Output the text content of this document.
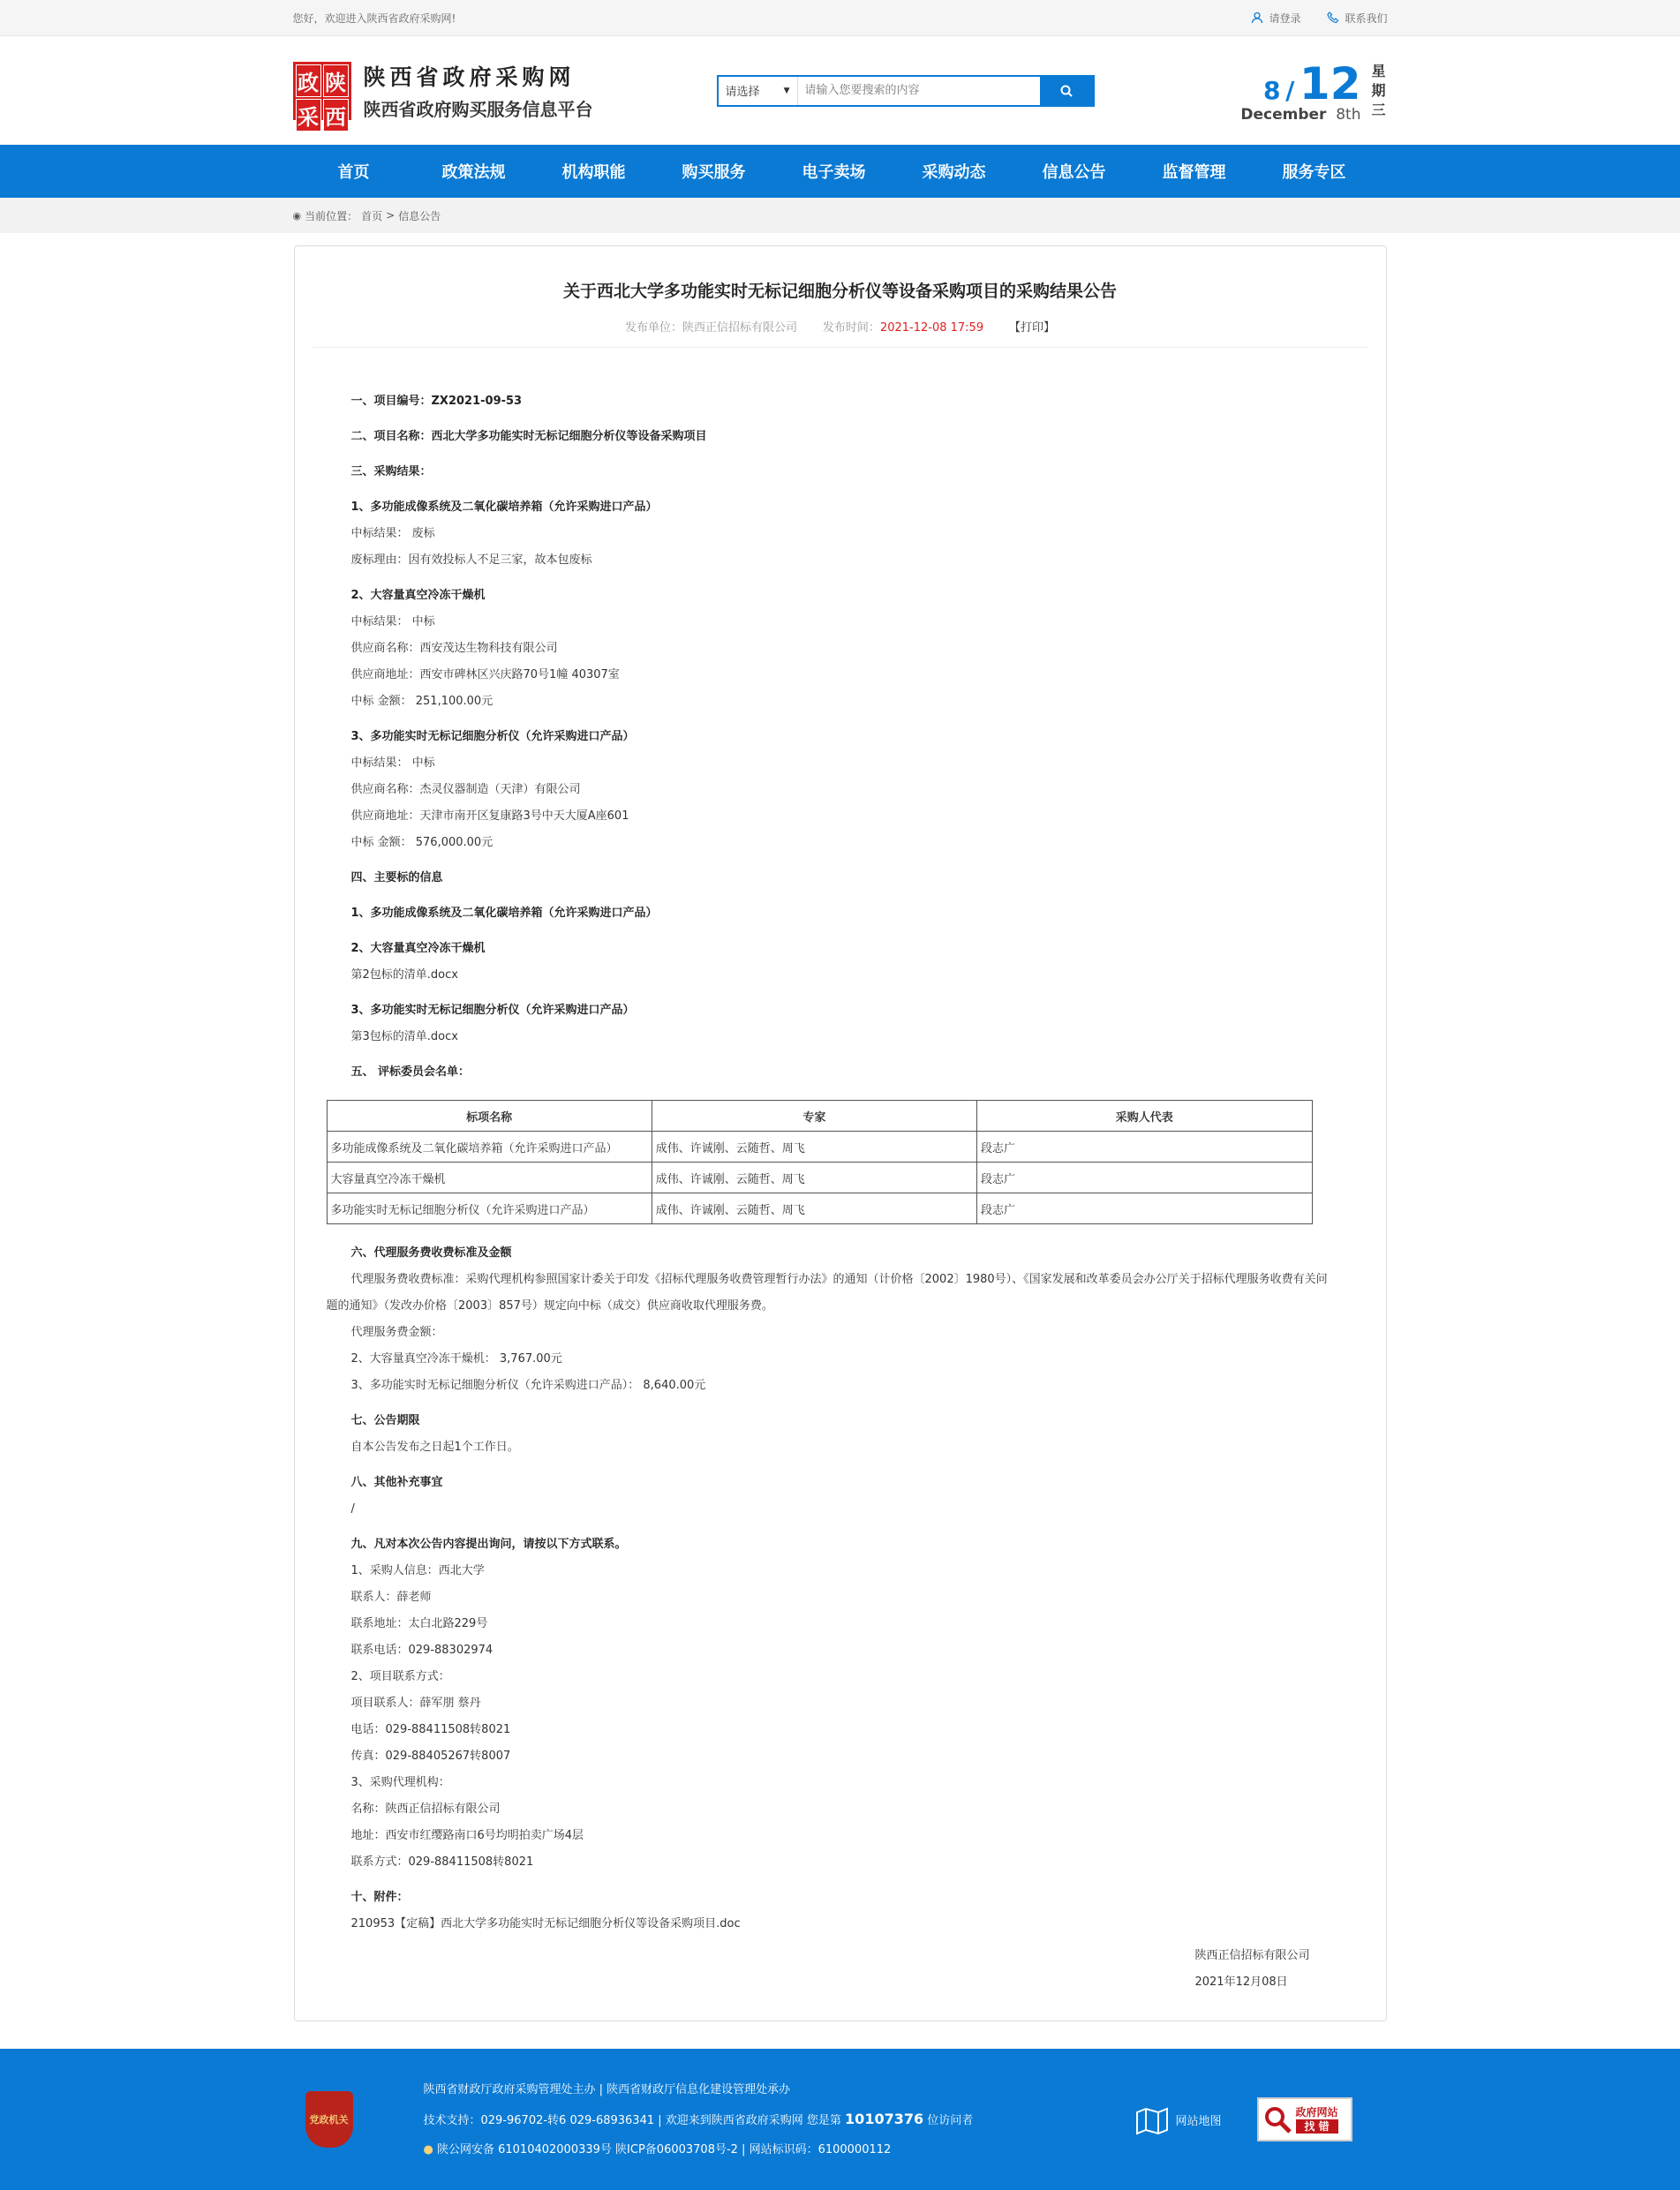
您好，欢迎进入陕西省政府采购网!	请登录	联系我们
政 陕
采 西
陕西省政府采购网
陕西省政府购买服务信息平台
请选择	▼
请输入您要搜索的内容	8 / 12
December 8th
星
期
三
首页	政策法规	机构职能	购买服务	电子卖场	采购动态	信息公告	监督管理	服务专区
◉ 当前位置： 首页 > 信息公告
关于西北大学多功能实时无标记细胞分析仪等设备采购项目的采购结果公告
发布单位：陕西正信招标有限公司 发布时间：2021-12-08 17:59 【打印】
一、项目编号：ZX2021-09-53
二、项目名称：西北大学多功能实时无标记细胞分析仪等设备采购项目
三、采购结果：
1、多功能成像系统及二氧化碳培养箱（允许采购进口产品）
中标结果： 废标
废标理由：因有效投标人不足三家，故本包废标
2、大容量真空冷冻干燥机
中标结果： 中标
供应商名称：西安茂达生物科技有限公司
供应商地址：西安市碑林区兴庆路70号1幢 40307室
中标 金额： 251,100.00元
3、多功能实时无标记细胞分析仪（允许采购进口产品）
中标结果： 中标
供应商名称：杰灵仪器制造（天津）有限公司
供应商地址：天津市南开区复康路3号中天大厦A座601
中标 金额： 576,000.00元
四、主要标的信息
1、多功能成像系统及二氧化碳培养箱（允许采购进口产品）
2、大容量真空冷冻干燥机
第2包标的清单.docx
3、多功能实时无标记细胞分析仪（允许采购进口产品）
第3包标的清单.docx
五、 评标委员会名单：
标项名称	专家	采购人代表
多功能成像系统及二氧化碳培养箱（允许采购进口产品）	成伟、许诚刚、云随哲、周飞	段志广
大容量真空冷冻干燥机	成伟、许诚刚、云随哲、周飞	段志广
多功能实时无标记细胞分析仪（允许采购进口产品）	成伟、许诚刚、云随哲、周飞	段志广
六、代理服务费收费标准及金额
代理服务费收费标准：采购代理机构参照国家计委关于印发《招标代理服务收费管理暂行办法》的通知（计价格〔2002〕1980号）、《国家发展和改革委员会办公厅关于招标代理服务收费有关问题的通知》（发改办价格〔2003〕857号）规定向中标（成交）供应商收取代理服务费。
代理服务费金额：
2、大容量真空冷冻干燥机： 3,767.00元
3、多功能实时无标记细胞分析仪（允许采购进口产品）： 8,640.00元
七、公告期限
自本公告发布之日起1个工作日。
八、其他补充事宜
/
九、凡对本次公告内容提出询问，请按以下方式联系。
1、采购人信息：西北大学
联系人：薛老师
联系地址：太白北路229号
联系电话：029-88302974
2、项目联系方式：
项目联系人：薛军朋 蔡丹
电话：029-88411508转8021
传真：029-88405267转8007
3、采购代理机构：
名称：陕西正信招标有限公司
地址：西安市红缨路南口6号均明拍卖广场4层
联系方式：029-88411508转8021
十、附件：
210953【定稿】西北大学多功能实时无标记细胞分析仪等设备采购项目.doc
陕西正信招标有限公司
2021年12月08日
党政机关
陕西省财政厅政府采购管理处主办 | 陕西省财政厅信息化建设管理处承办
技术支持：029-96702-转6 029-68936341 | 欢迎来到陕西省政府采购网 您是第 10107376 位访问者
● 陕公网安备 61010402000339号 陕ICP备06003708号-2 | 网站标识码：6100000112
网站地图
政府网站
找 错
